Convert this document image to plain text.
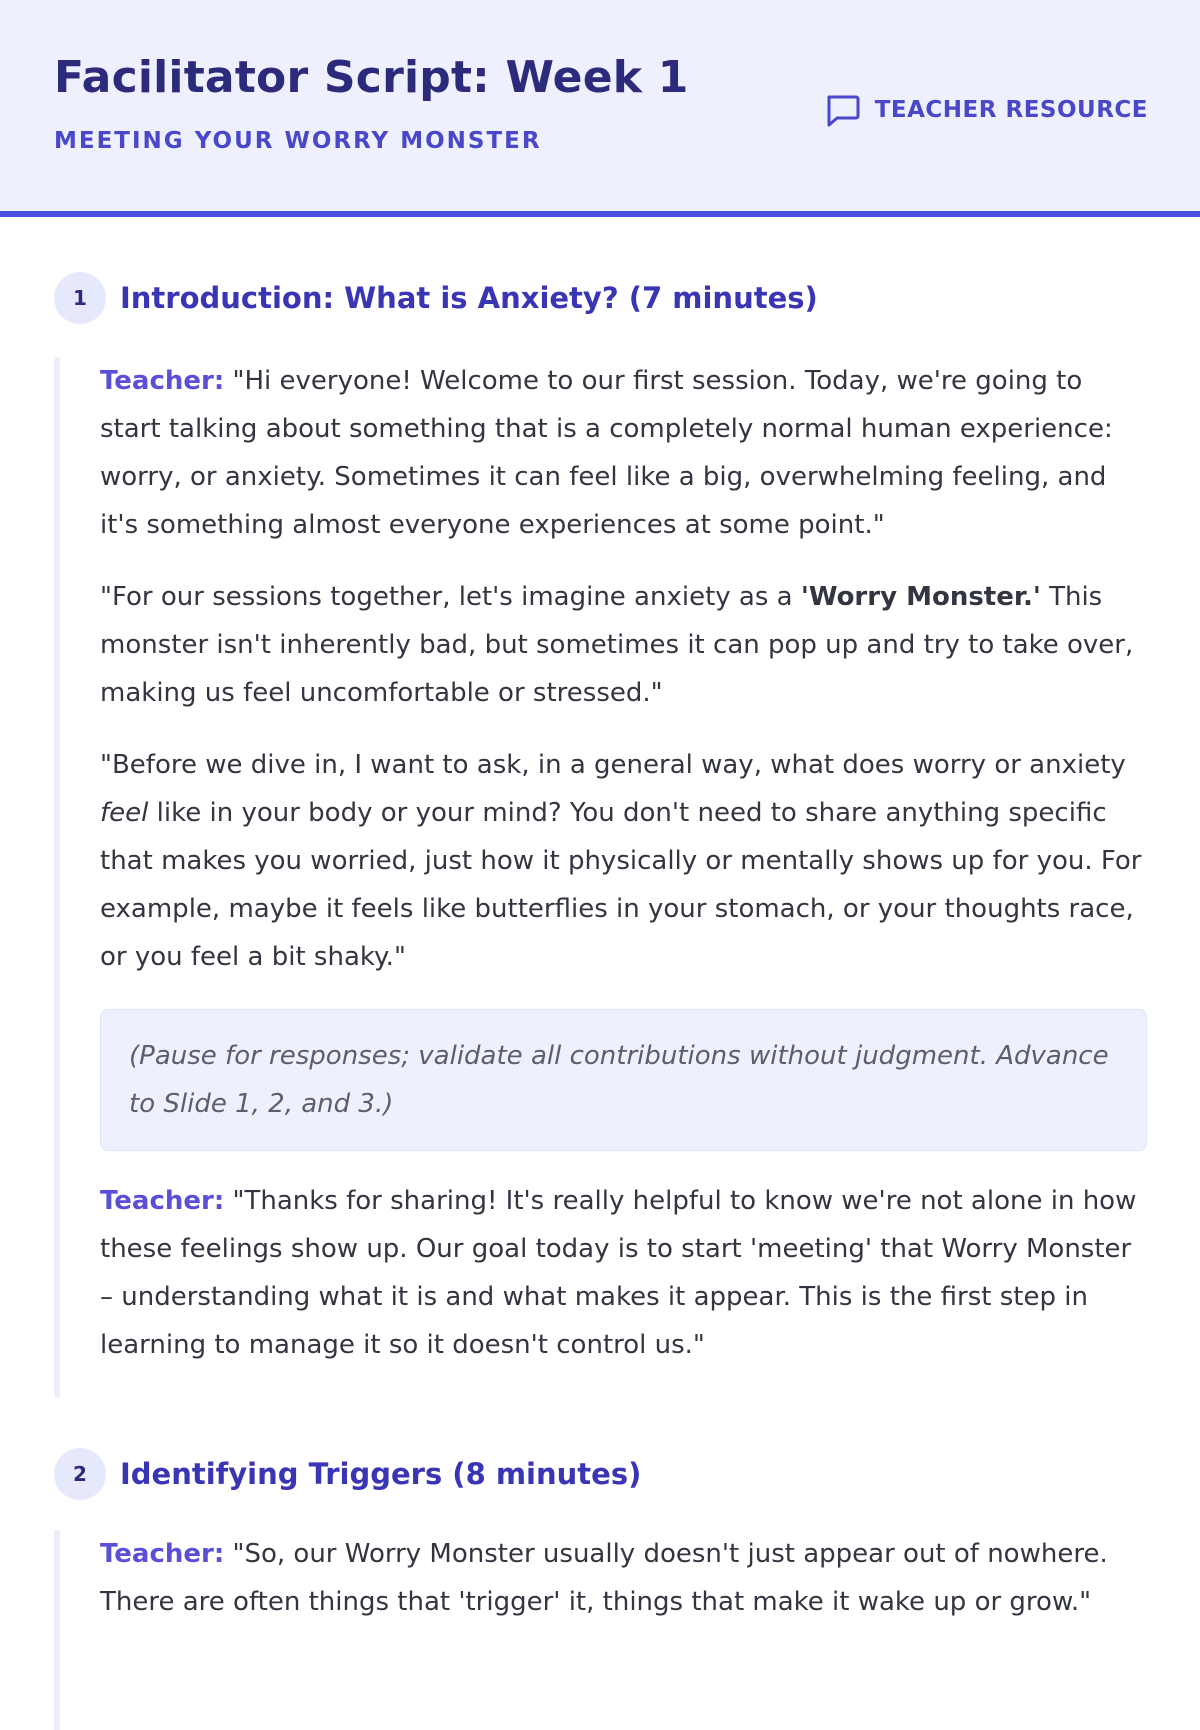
Facilitator Script: Week 1
MEETING YOUR WORRY MONSTER
TEACHER RESOURCE
1	Introduction: What is Anxiety? (7 minutes)

Teacher: "Hi everyone! Welcome to our first session. Today, we're going to start talking about something that is a completely normal human experience: worry, or anxiety. Sometimes it can feel like a big, overwhelming feeling, and it's something almost everyone experiences at some point."

"For our sessions together, let's imagine anxiety as a 'Worry Monster.' This monster isn't inherently bad, but sometimes it can pop up and try to take over, making us feel uncomfortable or stressed."

"Before we dive in, I want to ask, in a general way, what does worry or anxiety feel like in your body or your mind? You don't need to share anything specific that makes you worried, just how it physically or mentally shows up for you. For example, maybe it feels like butterflies in your stomach, or your thoughts race, or you feel a bit shaky."

(Pause for responses; validate all contributions without judgment. Advance to Slide 1, 2, and 3.)

Teacher: "Thanks for sharing! It's really helpful to know we're not alone in how these feelings show up. Our goal today is to start 'meeting' that Worry Monster – understanding what it is and what makes it appear. This is the first step in learning to manage it so it doesn't control us."

2	Identifying Triggers (8 minutes)

Teacher: "So, our Worry Monster usually doesn't just appear out of nowhere. There are often things that 'trigger' it, things that make it wake up or grow."
